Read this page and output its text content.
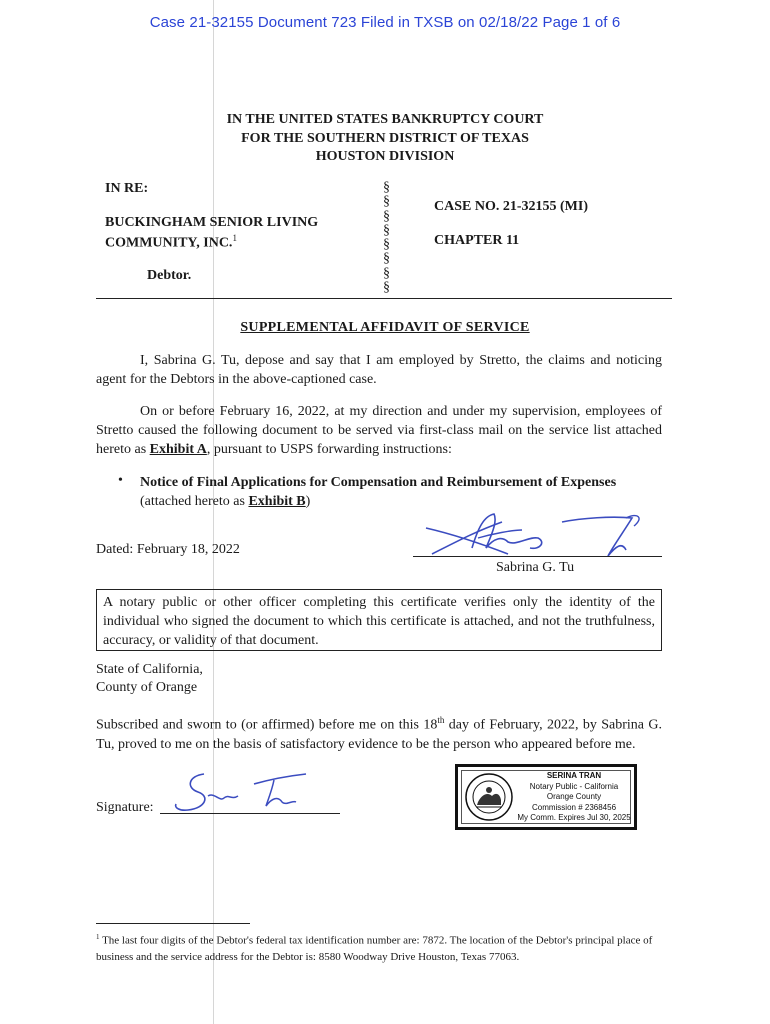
Case 21-32155 Document 723 Filed in TXSB on 02/18/22 Page 1 of 6
IN THE UNITED STATES BANKRUPTCY COURT
FOR THE SOUTHERN DISTRICT OF TEXAS
HOUSTON DIVISION
IN RE:
BUCKINGHAM SENIOR LIVING
COMMUNITY, INC.$^1$
Debtor.
§
§
§
§
§
§
§
§
CASE NO. 21-32155 (MI)
CHAPTER 11
SUPPLEMENTAL AFFIDAVIT OF SERVICE
I, Sabrina G. Tu, depose and say that I am employed by Stretto, the claims and noticing agent for the Debtors in the above-captioned case.
On or before February 16, 2022, at my direction and under my supervision, employees of Stretto caused the following document to be served via first-class mail on the service list attached hereto as Exhibit A, pursuant to USPS forwarding instructions:
• Notice of Final Applications for Compensation and Reimbursement of Expenses
(attached hereto as Exhibit B)
Dated: February 18, 2022
Sabrina G. Tu
A notary public or other officer completing this certificate verifies only the identity of the individual who signed the document to which this certificate is attached, and not the truthfulness, accuracy, or validity of that document.
State of California,
County of Orange
Subscribed and sworn to (or affirmed) before me on this 18th day of February, 2022, by Sabrina G. Tu, proved to me on the basis of satisfactory evidence to be the person who appeared before me.
Signature:
SERINA TRAN
Notary Public - California
Orange County
Commission # 2368456
My Comm. Expires Jul 30, 2025
$^1$ The last four digits of the Debtor's federal tax identification number are: 7872. The location of the Debtor's principal place of business and the service address for the Debtor is: 8580 Woodway Drive Houston, Texas 77063.
